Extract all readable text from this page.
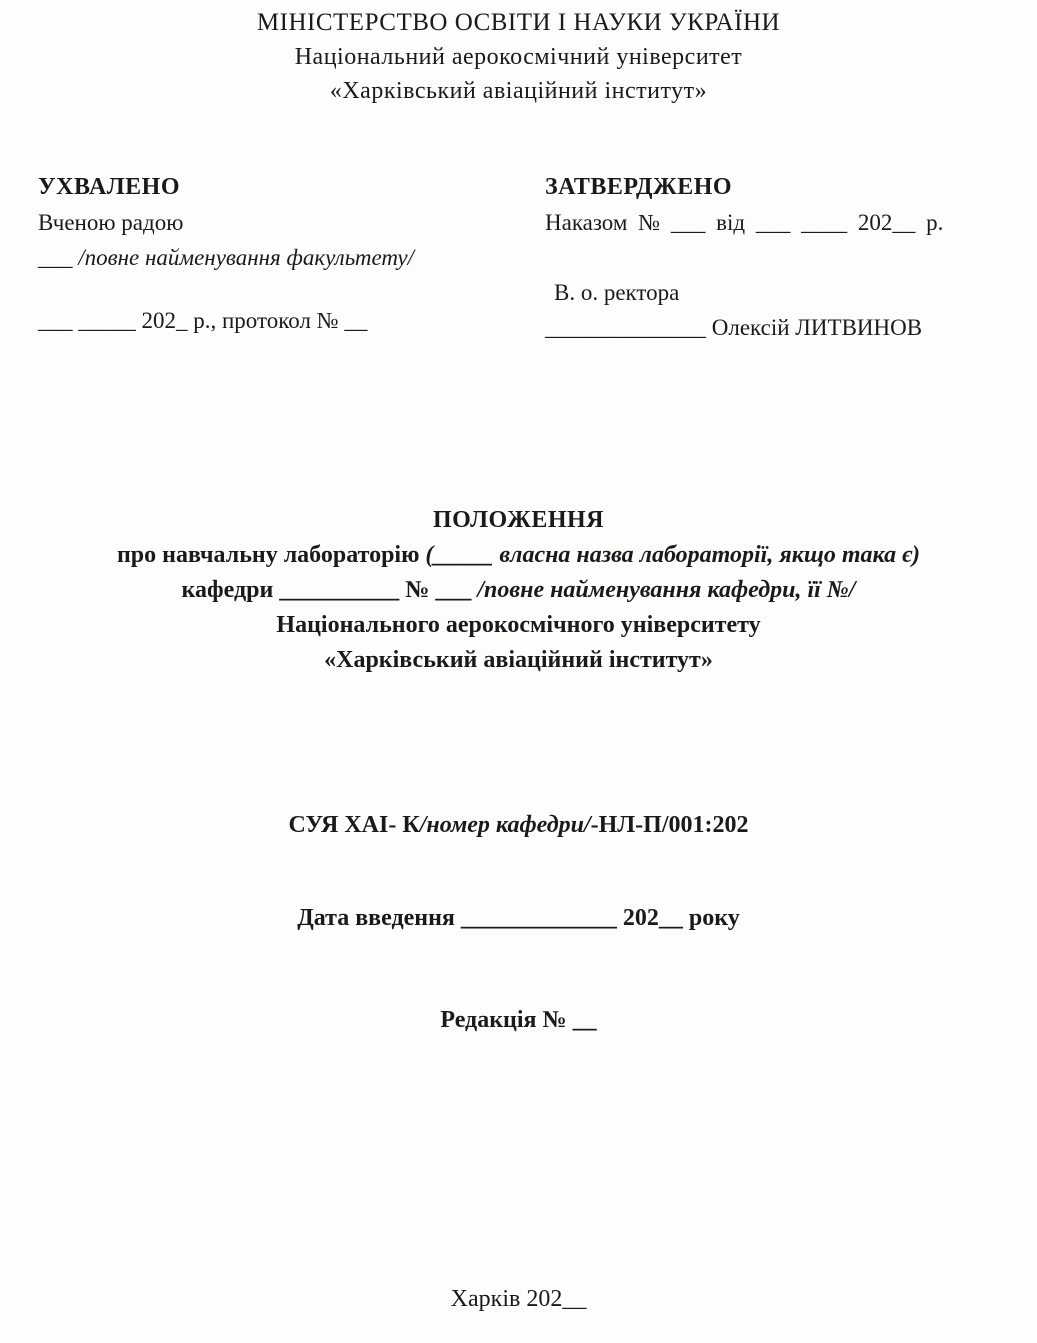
МІНІСТЕРСТВО ОСВІТИ І НАУКИ УКРАЇНИ
Національний аерокосмічний університет
«Харківський авіаційний інститут»
УХВАЛЕНО
Вченою радою
___ /повне найменування факультету/
___ _____ 202_ р., протокол № __
ЗАТВЕРДЖЕНО
Наказом № ___ від ___ ____ 202__ р.
В. о. ректора
______________ Олексій ЛИТВИНОВ
ПОЛОЖЕННЯ
про навчальну лабораторію (_____ власна назва лабораторії, якщо така є)
кафедри __________ № ___ /повне найменування кафедри, її №/
Національного аерокосмічного університету
«Харківський авіаційний інститут»
СУЯ ХАІ- К/номер кафедри/-НЛ-П/001:202
Дата введення _____________ 202__ року
Редакція № __
Харків 202__
